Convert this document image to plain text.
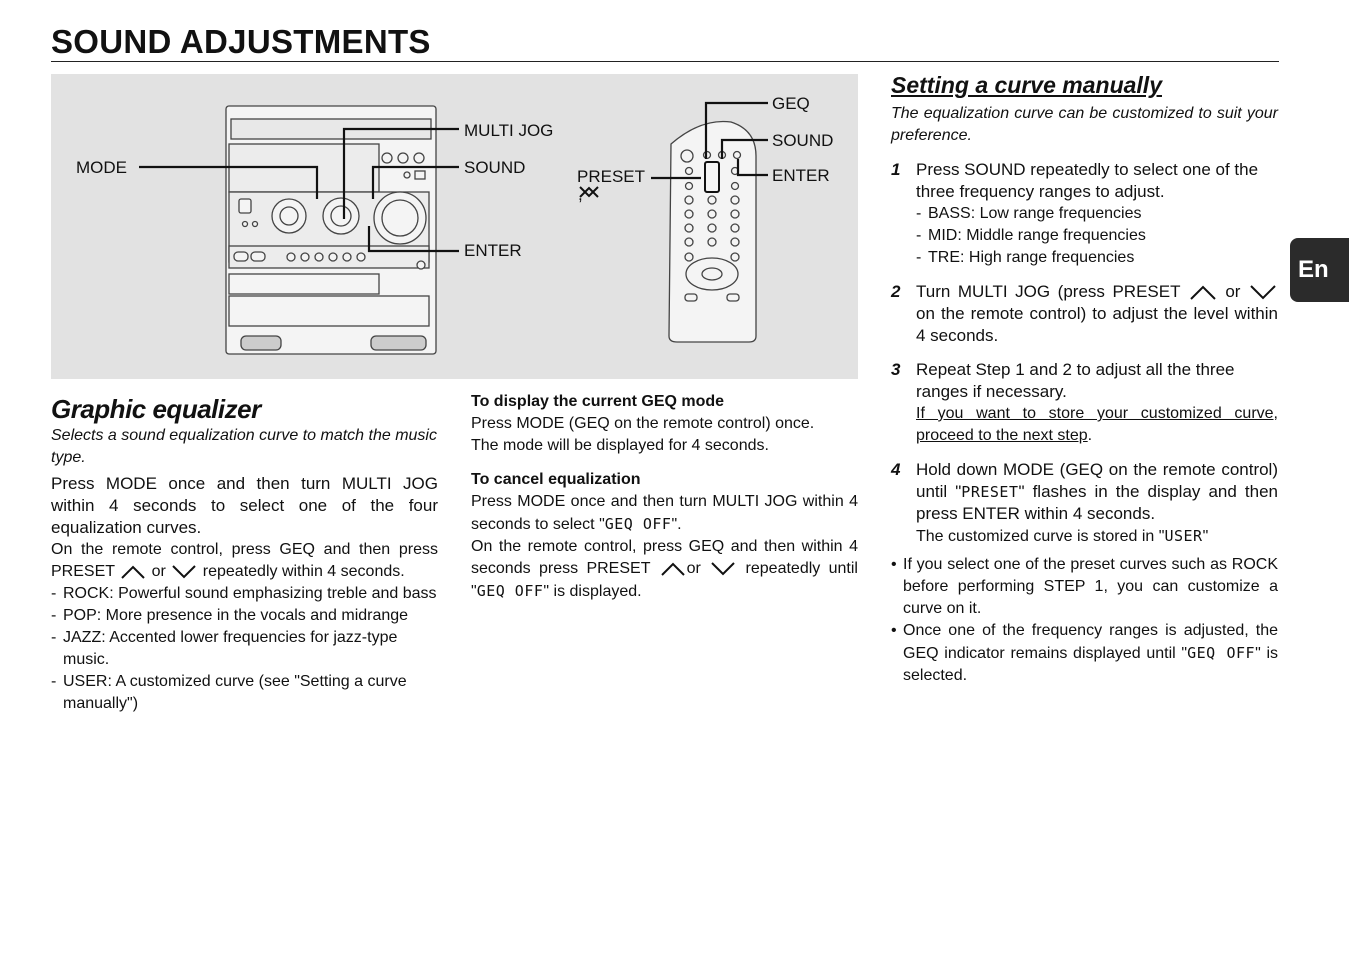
SOUND ADJUSTMENTS
MODE
MULTI JOG
SOUND
ENTER
PRESET
,
GEQ
SOUND
ENTER
En
Graphic equalizer

Selects a sound equalization curve to match the music type.

Press MODE once and then turn MULTI JOG within 4 seconds to select one of the four equalization curves.

On the remote control, press GEQ and then press PRESET or repeatedly within 4 seconds.

- ROCK: Powerful sound emphasizing treble and bass
- POP: More presence in the vocals and midrange
- JAZZ: Accented lower frequencies for jazz-type music.
- USER: A customized curve (see "Setting a curve manually")

To display the current GEQ mode

Press MODE (GEQ on the remote control) once.

The mode will be displayed for 4 seconds.

To cancel equalization

Press MODE once and then turn MULTI JOG within 4 seconds to select "GEQ OFF".

On the remote control, press GEQ and then within 4 seconds press PRESET or	repeatedly until "GEQ OFF" is displayed.

Setting a curve manually

The equalization curve can be customized to suit your preference.

1 Press SOUND repeatedly to select one of the three frequency ranges to adjust.

- BASS: Low range frequencies
- MID: Middle range frequencies
- TRE: High range frequencies
2 Turn MULTI JOG (press PRESET	or  on the remote control) to adjust the level within 4 seconds.

3 Repeat Step 1 and 2 to adjust all the three ranges if necessary.

If you want to store your customized curve, proceed to the next step.

4 Hold down MODE (GEQ on the remote control) until "PRESET" flashes in the display and then press ENTER within 4 seconds.

The customized curve is stored in "USER"

• If you select one of the preset curves such as ROCK before performing STEP 1, you can customize a curve on it.
• Once one of the frequency ranges is adjusted, the GEQ indicator remains displayed until "GEQ OFF" is selected.
